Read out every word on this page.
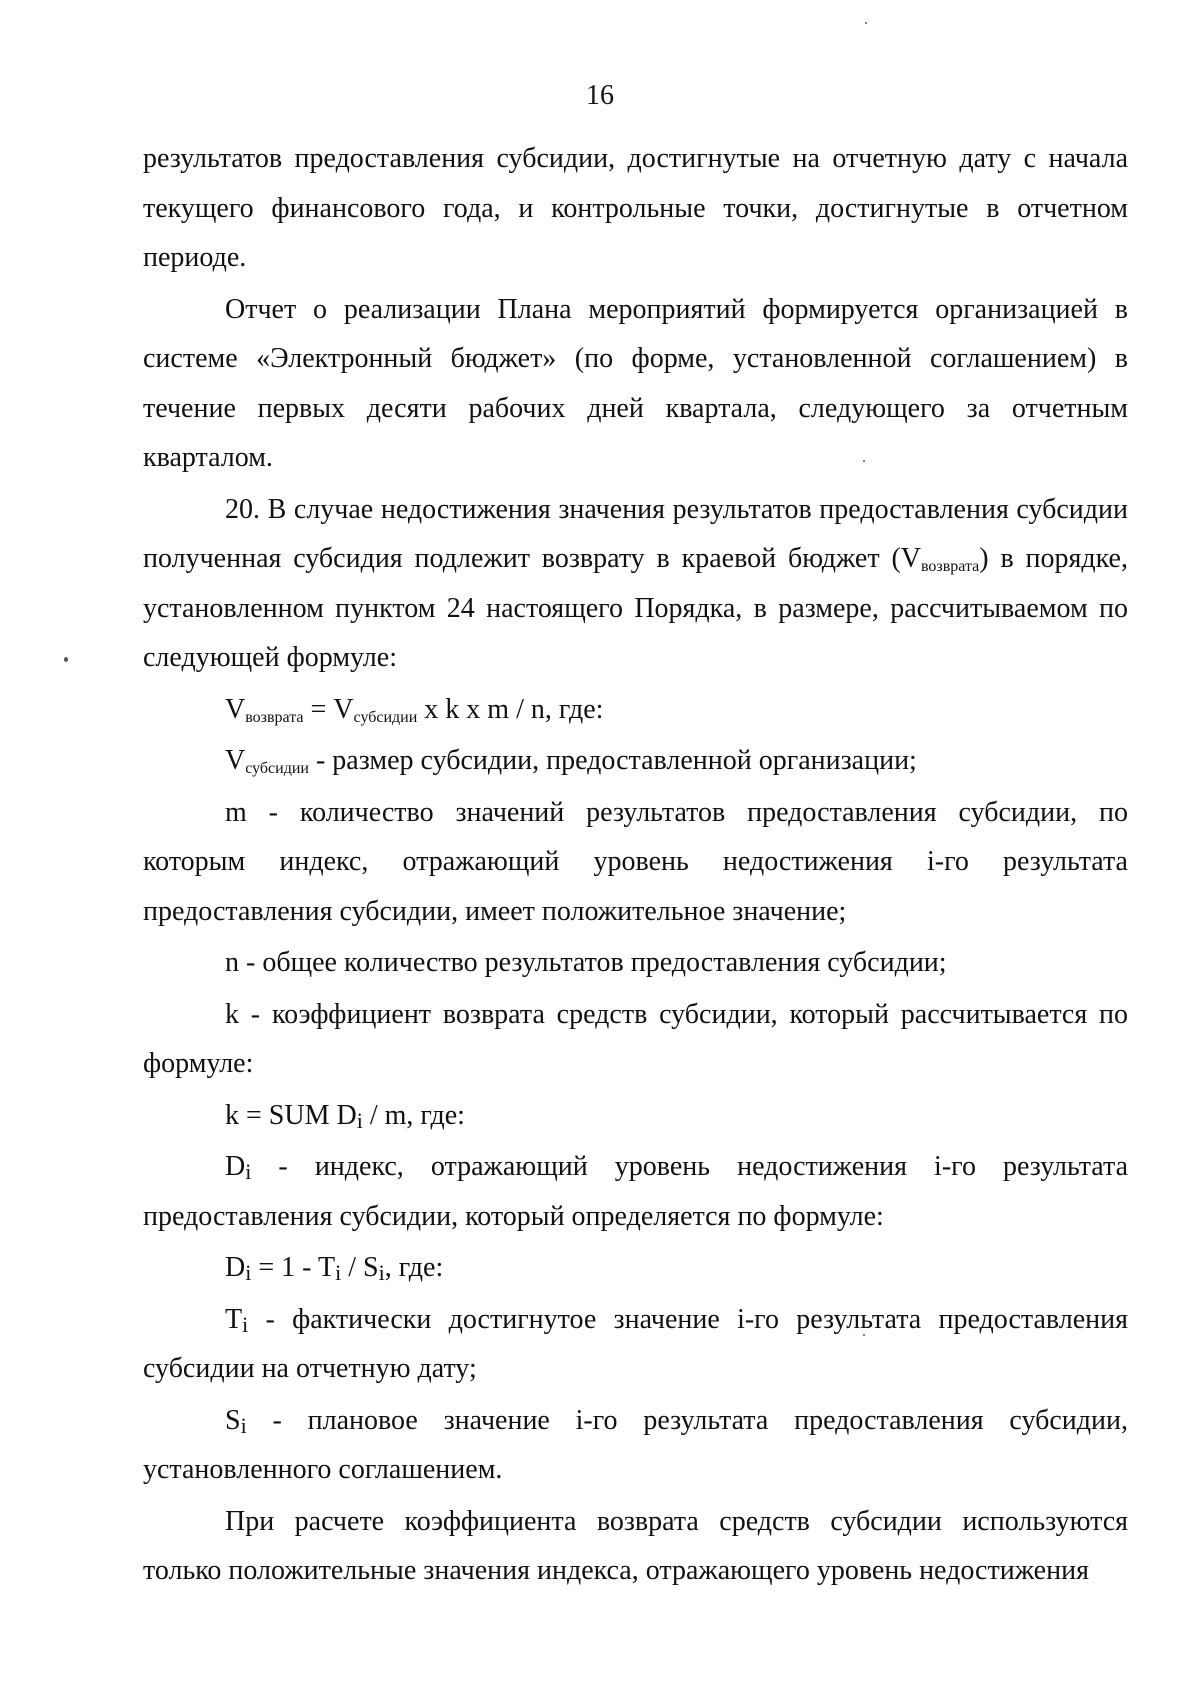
16

результатов предоставления субсидии, достигнутые на отчетную дату с начала текущего финансового года, и контрольные точки, достигнутые в отчетном периоде.

Отчет о реализации Плана мероприятий формируется организацией в системе «Электронный бюджет» (по форме, установленной соглашением) в течение первых десяти рабочих дней квартала, следующего за отчетным кварталом.

20. В случае недостижения значения результатов предоставления субсидии полученная субсидия подлежит возврату в краевой бюджет $(V_{возврата})$ в порядке, установленном пунктом 24 настоящего Порядка, в размере, рассчитываемом по следующей формуле:

$V_{возврата} = V_{субсидии}$ x k x m / n, где:

$V_{субсидии}$ - размер субсидии, предоставленной организации;

m - количество значений результатов предоставления субсидии, по которым индекс, отражающий уровень недостижения i-го результата предоставления субсидии, имеет положительное значение;

n - общее количество результатов предоставления субсидии;

k - коэффициент возврата средств субсидии, который рассчитывается по формуле:

k = SUM Di / m, где:

Di - индекс, отражающий уровень недостижения i-го результата предоставления субсидии, который определяется по формуле:

Di = 1 - Ti / Si, где:

Ti - фактически достигнутое значение i-го результата предоставления субсидии на отчетную дату;

Si - плановое значение i-го результата предоставления субсидии, установленного соглашением.

При расчете коэффициента возврата средств субсидии используются только положительные значения индекса, отражающего уровень недостижения
